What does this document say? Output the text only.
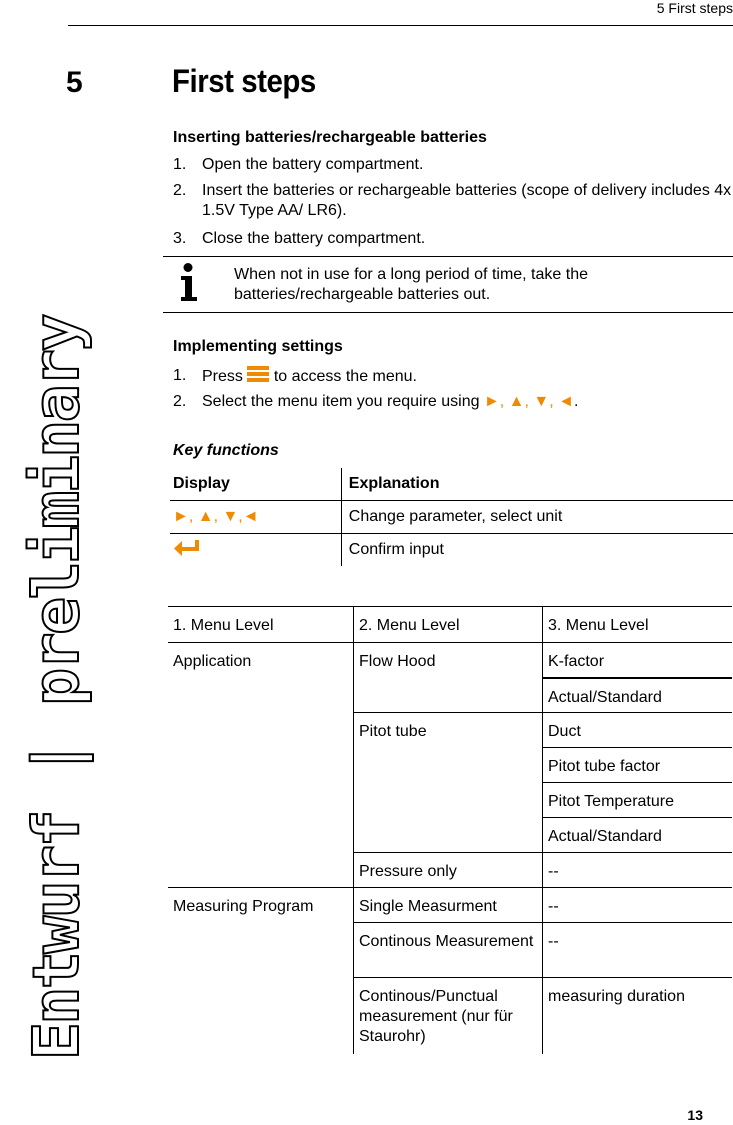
5 First steps
Entwurf | preliminary
5	First steps
Inserting batteries/rechargeable batteries
1. Open the battery compartment.
2. Insert the batteries or rechargeable batteries (scope of delivery includes 4x 1.5V Type AA/ LR6).
3. Close the battery compartment.
When not in use for a long period of time, take the batteries/rechargeable batteries out.
Implementing settings
1. Press to access the menu.
2. Select the menu item you require using ►, ▲, ▼, ◄.
Key functions
Display	Explanation
►, ▲, ▼,◄	Change parameter, select unit
	Confirm input
1. Menu Level	2. Menu Level	3. Menu Level
Application	Flow Hood	K-factor
		Actual/Standard
	Pitot tube	Duct
		Pitot tube factor
		Pitot Temperature
		Actual/Standard
	Pressure only	--
Measuring Program	Single Measurment	--
	Continous Measurement	--
	Continous/Punctual measurement (nur für Staurohr)	measuring duration
13
